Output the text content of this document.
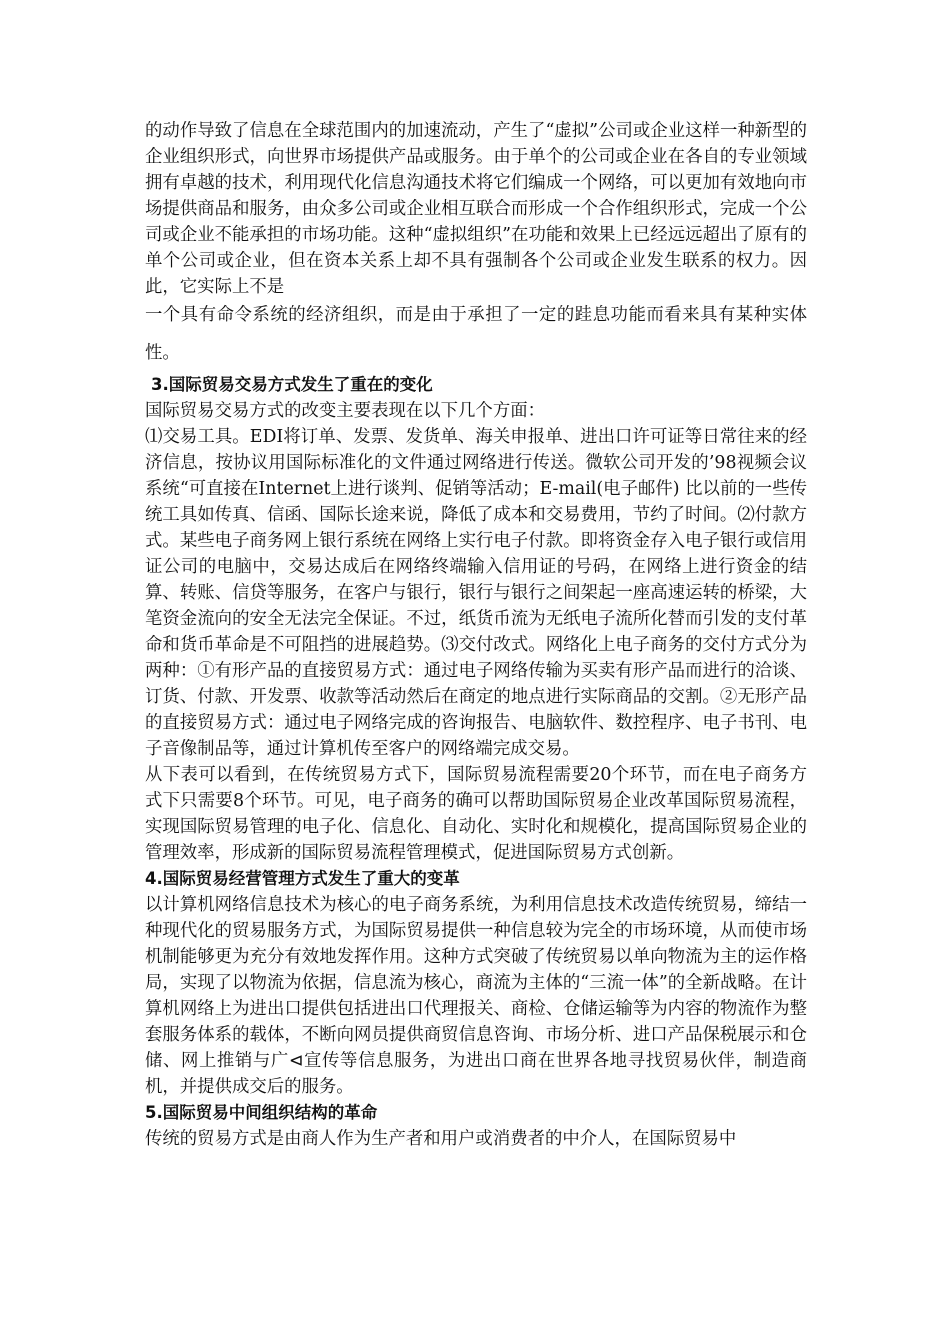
的动作导致了信息在全球范围内的加速流动，产生了“虚拟”公司或企业这样一种新型的企业组织形式，向世界市场提供产品或服务。由于单个的公司或企业在各自的专业领域拥有卓越的技术，利用现代化信息沟通技术将它们编成一个网络，可以更加有效地向市场提供商品和服务，由众多公司或企业相互联合而形成一个合作组织形式，完成一个公司或企业不能承担的市场功能。这种“虚拟组织”在功能和效果上已经远远超出了原有的单个公司或企业，但在资本关系上却不具有强制各个公司或企业发生联系的权力。因此，它实际上不是

一个具有命令系统的经济组织，而是由于承担了一定的跬息功能而看来具有某种实体性。

3.国际贸易交易方式发生了重在的变化

国际贸易交易方式的改变主要表现在以下几个方面：

⑴交易工具。EDI将订单、发票、发货单、海关申报单、进出口许可证等日常往来的经济信息，按协议用国际标准化的文件通过网络进行传送。微软公司开发的’98视频会议系统“可直接在Internet上进行谈判、促销等活动；E-mail(电子邮件) 比以前的一些传统工具如传真、信函、国际长途来说，降低了成本和交易费用，节约了时间。⑵付款方式。某些电子商务网上银行系统在网络上实行电子付款。即将资金存入电子银行或信用证公司的电脑中，交易达成后在网络终端输入信用证的号码，在网络上进行资金的结算、转账、信贷等服务，在客户与银行，银行与银行之间架起一座高速运转的桥梁，大笔资金流向的安全无法完全保证。不过，纸货币流为无纸电子流所化替而引发的支付革命和货币革命是不可阻挡的进展趋势。⑶交付改式。网络化上电子商务的交付方式分为两种：①有形产品的直接贸易方式：通过电子网络传输为买卖有形产品而进行的洽谈、订货、付款、开发票、收款等活动然后在商定的地点进行实际商品的交割。②无形产品的直接贸易方式：通过电子网络完成的咨询报告、电脑软件、数控程序、电子书刊、电子音像制品等，通过计算机传至客户的网络端完成交易。

从下表可以看到，在传统贸易方式下，国际贸易流程需要20个环节，而在电子商务方式下只需要8个环节。可见，电子商务的确可以帮助国际贸易企业改革国际贸易流程，实现国际贸易管理的电子化、信息化、自动化、实时化和规模化，提高国际贸易企业的管理效率，形成新的国际贸易流程管理模式，促进国际贸易方式创新。

4.国际贸易经营管理方式发生了重大的变革

以计算机网络信息技术为核心的电子商务系统，为利用信息技术改造传统贸易，缔结一种现代化的贸易服务方式，为国际贸易提供一种信息较为完全的市场环境，从而使市场机制能够更为充分有效地发挥作用。这种方式突破了传统贸易以单向物流为主的运作格局，实现了以物流为依据，信息流为核心，商流为主体的“三流一体”的全新战略。在计算机网络上为进出口提供包括进出口代理报关、商检、仓储运输等为内容的物流作为整套服务体系的载体，不断向网员提供商贸信息咨询、市场分析、进口产品保税展示和仓储、网上推销与广⊲宣传等信息服务，为进出口商在世界各地寻找贸易伙伴，制造商机，并提供成交后的服务。

5.国际贸易中间组织结构的革命

传统的贸易方式是由商人作为生产者和用户或消费者的中介人，在国际贸易中
